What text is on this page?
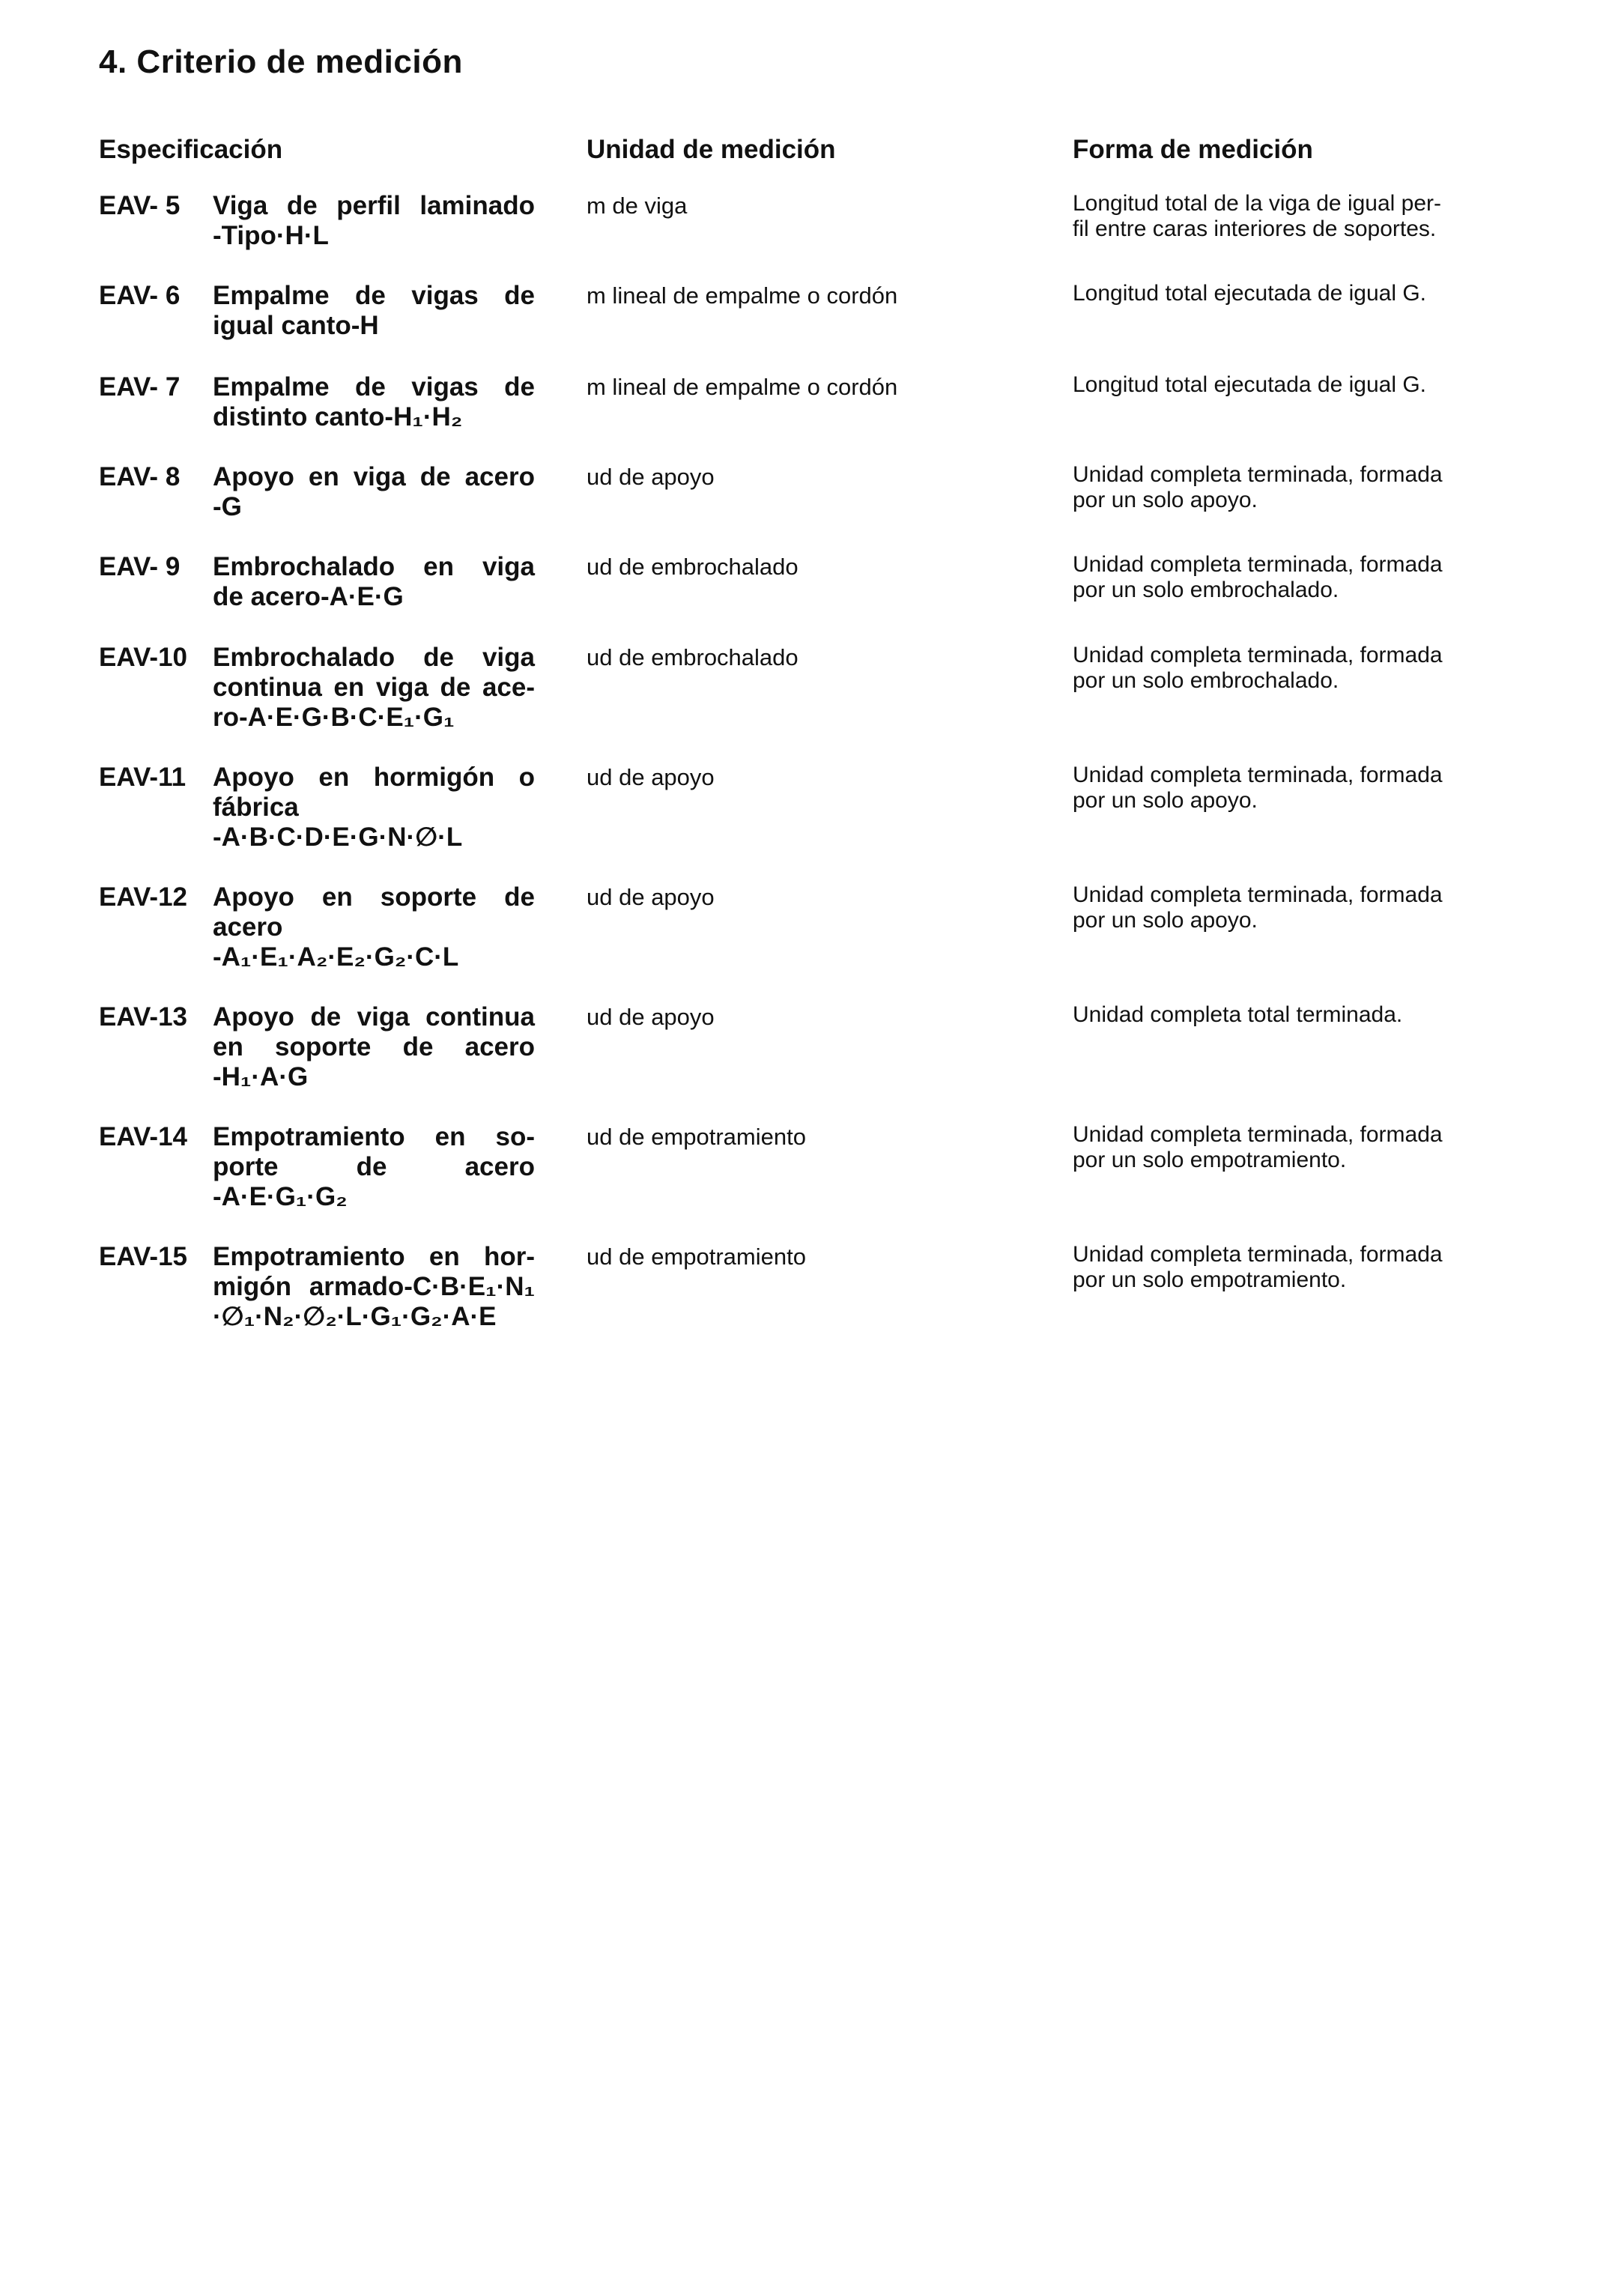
4. Criterio de medición
Especificación	Unidad de medición	Forma de medición
EAV- 5 Viga de perfil laminado
-Tipo·H·L
m de viga	Longitud total de la viga de igual per-
fil entre caras interiores de soportes.
EAV- 6 Empalme de vigas de
igual canto-H
m lineal de empalme o cordón	Longitud total ejecutada de igual G.
EAV- 7 Empalme de vigas de
distinto canto-H₁·H₂
m lineal de empalme o cordón	Longitud total ejecutada de igual G.
EAV- 8 Apoyo en viga de acero
-G
ud de apoyo	Unidad completa terminada, formada
por un solo apoyo.
EAV- 9 Embrochalado en viga
de acero-A·E·G
ud de embrochalado	Unidad completa terminada, formada
por un solo embrochalado.
EAV-10 Embrochalado de viga
continua en viga de ace-
ro-A·E·G·B·C·E₁·G₁
ud de embrochalado	Unidad completa terminada, formada
por un solo embrochalado.
EAV-11 Apoyo en hormigón o
fábrica
-A·B·C·D·E·G·N·∅·L
ud de apoyo	Unidad completa terminada, formada
por un solo apoyo.
EAV-12 Apoyo en soporte de
acero
-A₁·E₁·A₂·E₂·G₂·C·L
ud de apoyo	Unidad completa terminada, formada
por un solo apoyo.
EAV-13 Apoyo de viga continua
en soporte de acero
-H₁·A·G
ud de apoyo	Unidad completa total terminada.
EAV-14 Empotramiento en so-
porte de acero
-A·E·G₁·G₂
ud de empotramiento	Unidad completa terminada, formada
por un solo empotramiento.
EAV-15 Empotramiento en hor-
migón armado-C·B·E₁·N₁
·∅₁·N₂·∅₂·L·G₁·G₂·A·E
ud de empotramiento	Unidad completa terminada, formada
por un solo empotramiento.
